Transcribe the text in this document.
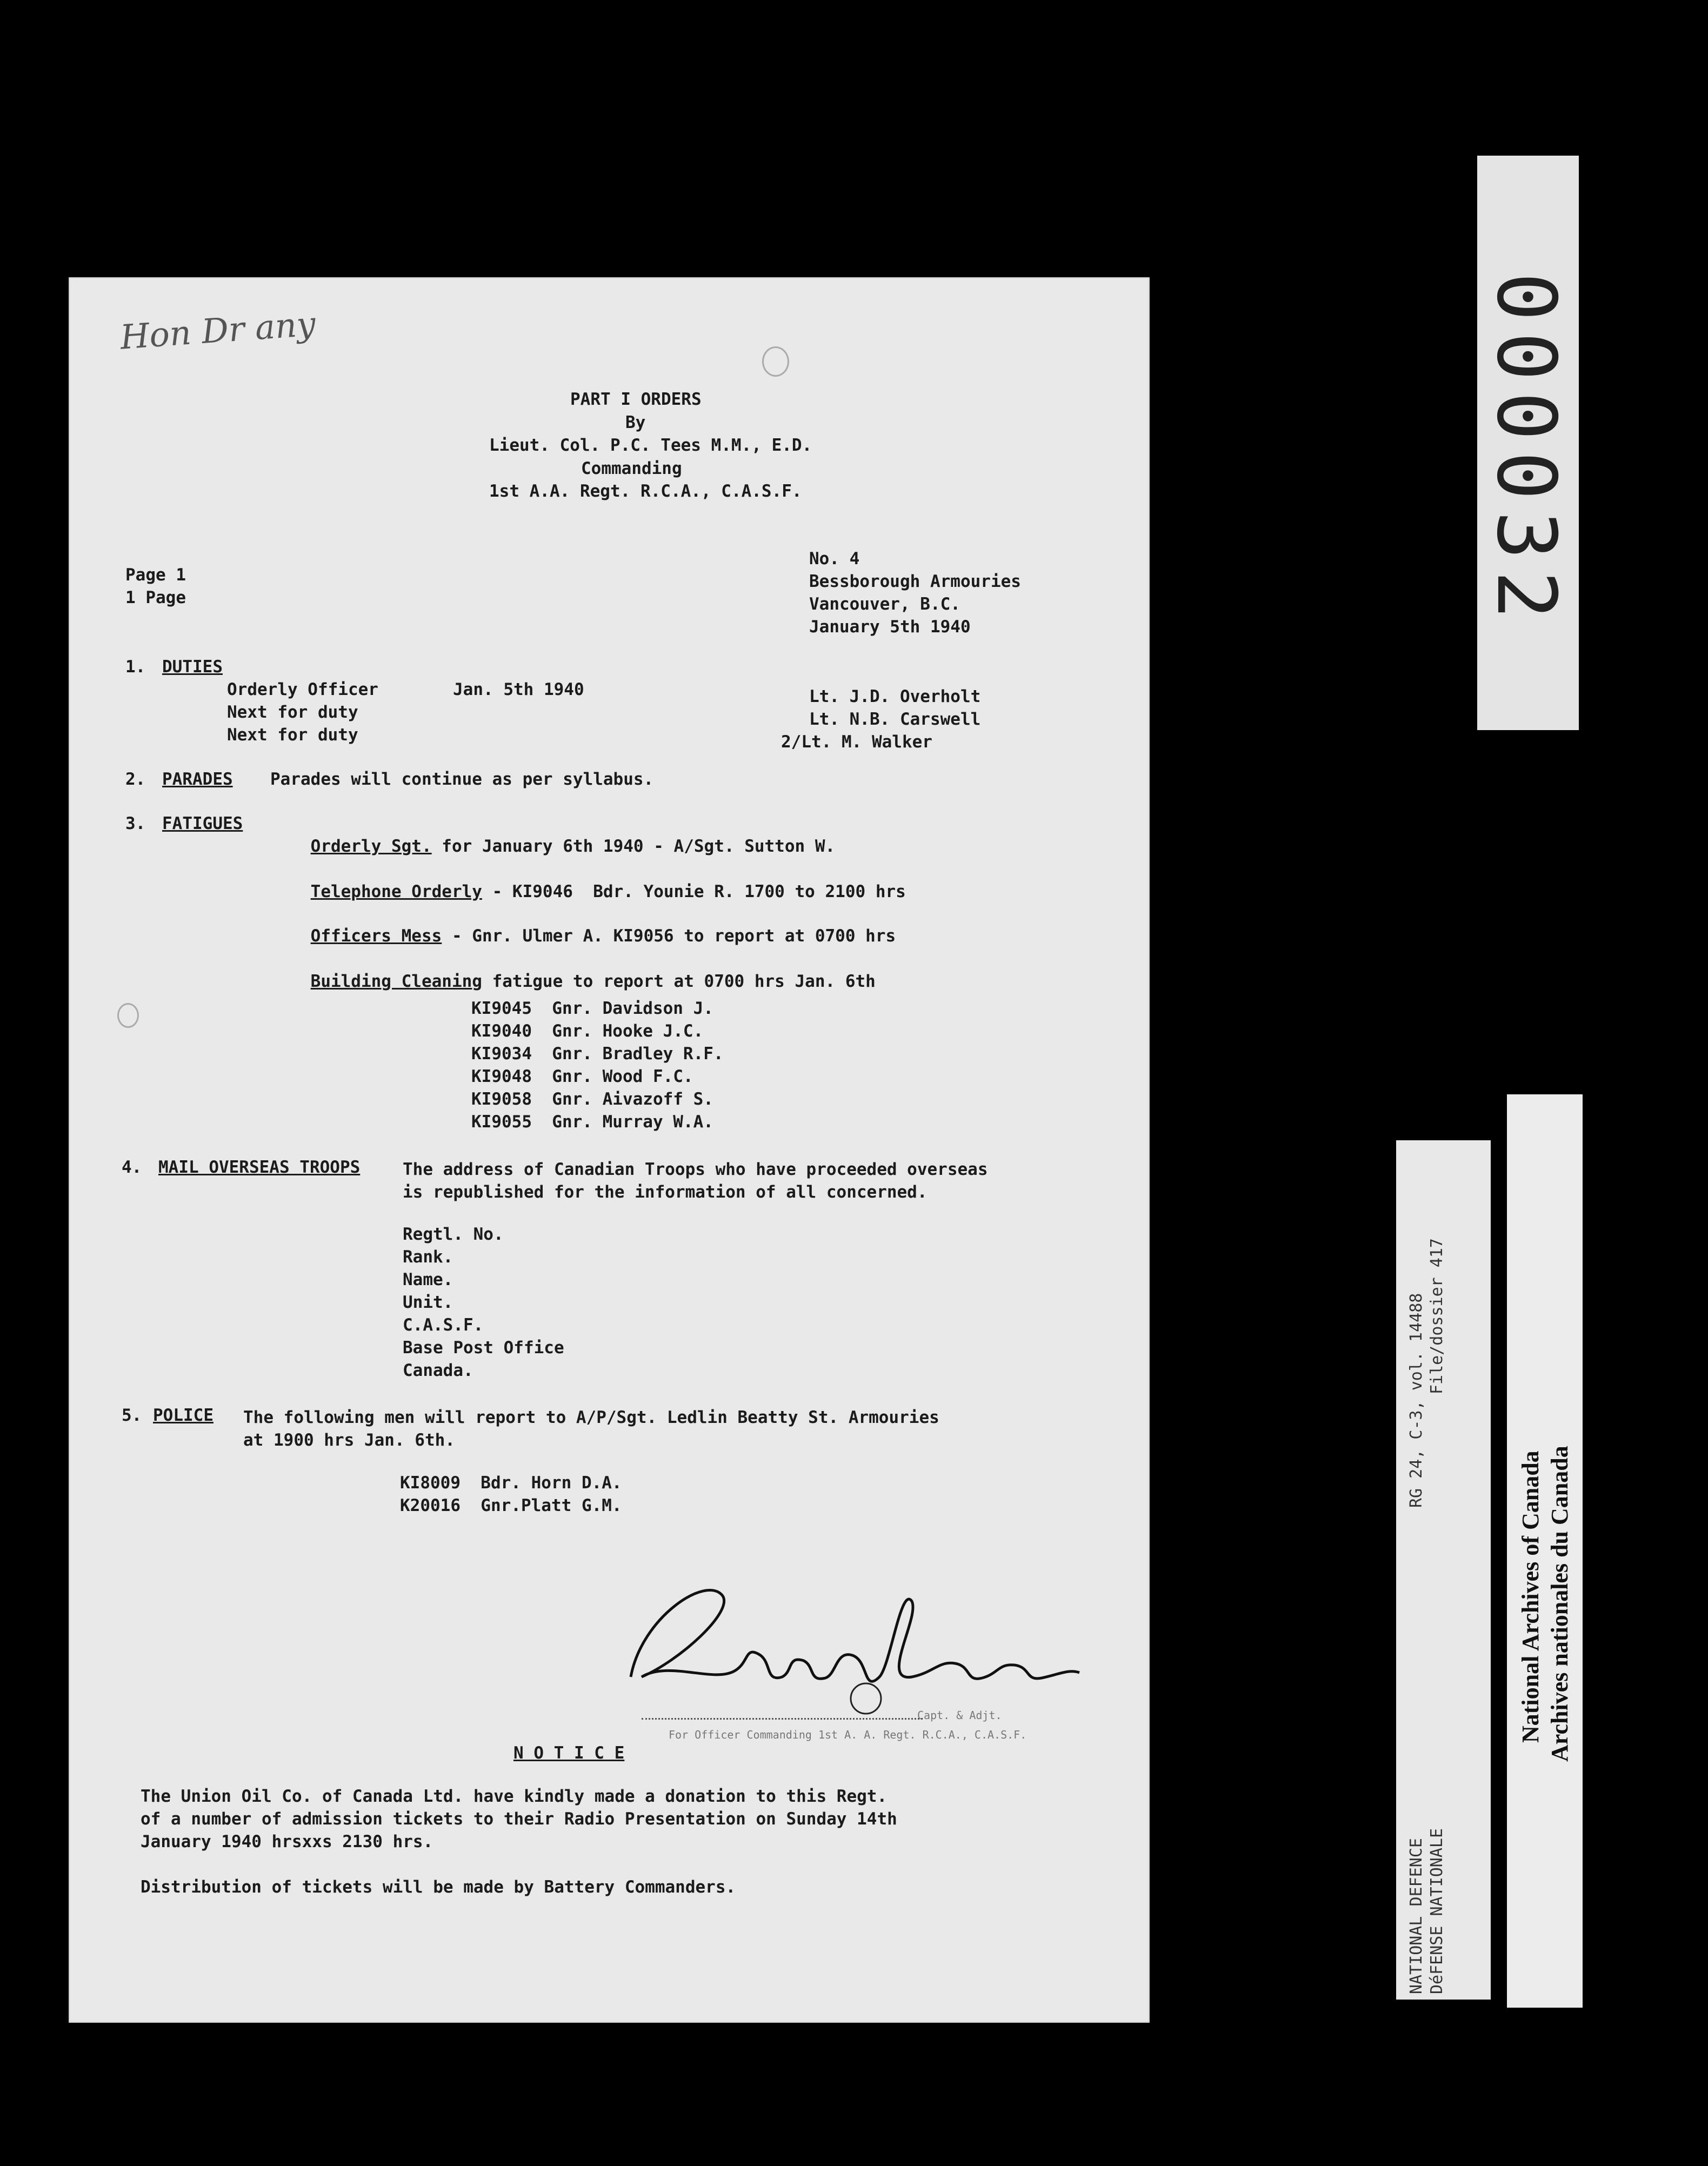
000032
Hon Dr any
PART I ORDERS
By
Lieut. Col. P.C. Tees M.M., E.D.
Commanding
1st A.A. Regt. R.C.A., C.A.S.F.
Page 1
1 Page
No. 4
Bessborough Armouries
Vancouver, B.C.
January 5th 1940
1. DUTIES
Orderly Officer	Jan. 5th 1940	Lt. J.D. Overholt
Next for duty	Lt. N.B. Carswell
Next for duty	2/Lt. M. Walker
2. PARADES Parades will continue as per syllabus.
3. FATIGUES

Orderly Sgt. for January 6th 1940 - A/Sgt. Sutton W.

Telephone Orderly - KI9046  Bdr. Younie R. 1700 to 2100 hrs

Officers Mess - Gnr. Ulmer A. KI9056 to report at 0700 hrs

Building Cleaning fatigue to report at 0700 hrs Jan. 6th

KI9045  Gnr. Davidson J.
KI9040  Gnr. Hooke J.C.
KI9034  Gnr. Bradley R.F.
KI9048  Gnr. Wood F.C.
KI9058  Gnr. Aivazoff S.
KI9055  Gnr. Murray W.A.
4. MAIL OVERSEAS TROOPS	The address of Canadian Troops who have proceeded overseas
is republished for the information of all concerned.
Regtl. No.
Rank.
Name.
Unit.
C.A.S.F.
Base Post Office
Canada.
5. POLICE The following men will report to A/P/Sgt. Ledlin Beatty St. Armouries
at 1900 hrs Jan. 6th.
KI8009  Bdr. Horn D.A.
K20016  Gnr.Platt G.M.
Capt. & Adjt.
For Officer Commanding 1st A. A. Regt. R.C.A., C.A.S.F.
N O T I C E
The Union Oil Co. of Canada Ltd. have kindly made a donation to this Regt.
of a number of admission tickets to their Radio Presentation on Sunday 14th
January 1940 hrsxxs 2130 hrs.
Distribution of tickets will be made by Battery Commanders.
RG 24, C-3, vol. 14488 File/dossier 417
NATIONAL DEFENCE DéFENSE NATIONALE
National Archives of Canada Archives nationales du Canada
